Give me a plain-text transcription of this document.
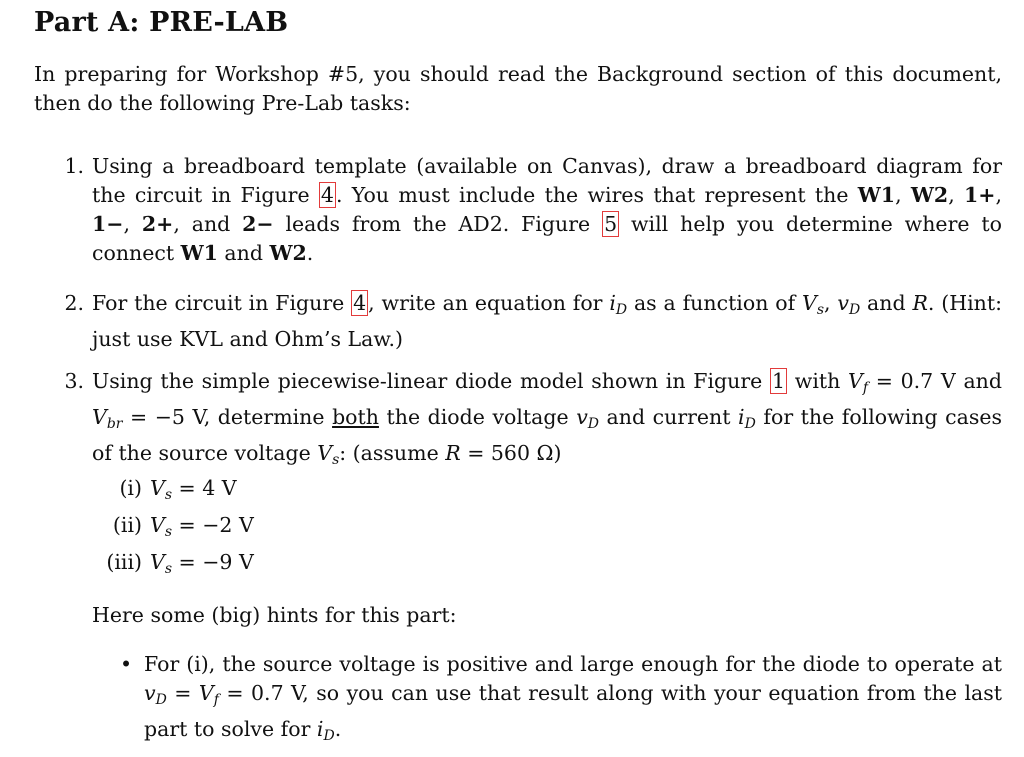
Part A: PRE-LAB

In preparing for Workshop #5, you should read the Background section of this document, then do the following Pre-Lab tasks:

1. Using a breadboard template (available on Canvas), draw a breadboard diagram for the circuit in Figure 4. You must include the wires that represent the W1, W2, 1+, 1−, 2+, and 2− leads from the AD2. Figure 5 will help you determine where to connect W1 and W2.

2. For the circuit in Figure 4, write an equation for $i_D$ as a function of $V_s$, $v_D$ and R. (Hint: just use KVL and Ohm’s Law.)

3. Using the simple piecewise-linear diode model shown in Figure 1 with $V_f = 0.7$ V and $V_{br} = -5$ V, determine both the diode voltage $v_D$ and current $i_D$ for the following cases of the source voltage $V_s$: (assume R = 560 Ω)

(i) $V_s = 4$ V

(ii) $V_s = -2$ V

(iii) $V_s = -9$ V

Here some (big) hints for this part:

• For (i), the source voltage is positive and large enough for the diode to operate at $v_D = V_f = 0.7$ V, so you can use that result along with your equation from the last part to solve for $i_D$.
